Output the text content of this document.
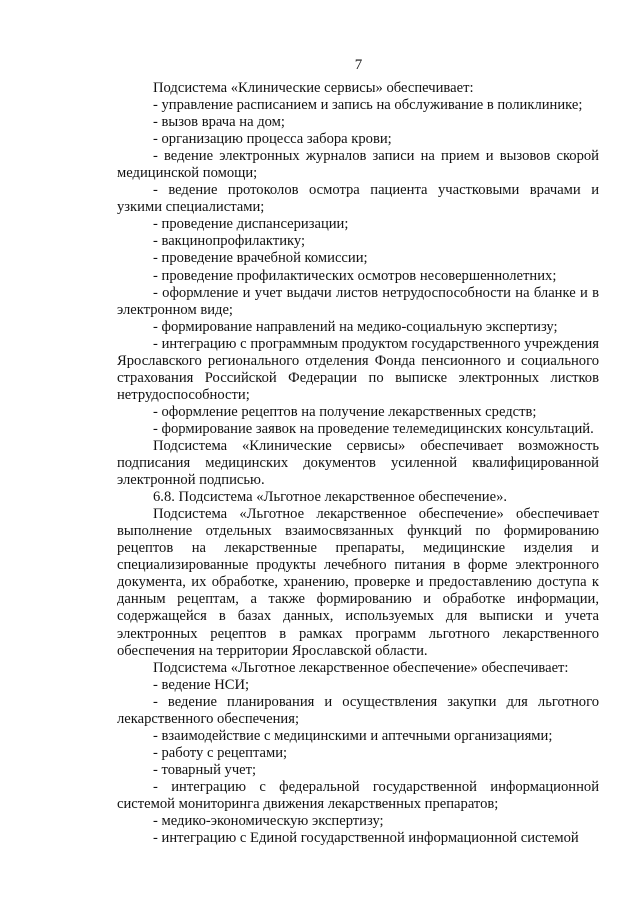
7

Подсистема «Клинические сервисы» обеспечивает:

- управление расписанием и запись на обслуживание в поликлинике;

- вызов врача на дом;

- организацию процесса забора крови;

- ведение электронных журналов записи на прием и вызовов скорой медицинской помощи;

- ведение протоколов осмотра пациента участковыми врачами и узкими специалистами;

- проведение диспансеризации;

- вакцинопрофилактику;

- проведение врачебной комиссии;

- проведение профилактических осмотров несовершеннолетних;

- оформление и учет выдачи листов нетрудоспособности на бланке и в электронном виде;

- формирование направлений на медико-социальную экспертизу;

- интеграцию с программным продуктом государственного учреждения Ярославского регионального отделения Фонда пенсионного и социального страхования Российской Федерации по выписке электронных листков нетрудоспособности;

- оформление рецептов на получение лекарственных средств;

- формирование заявок на проведение телемедицинских консультаций.

Подсистема «Клинические сервисы» обеспечивает возможность подписания медицинских документов усиленной квалифицированной электронной подписью.

6.8. Подсистема «Льготное лекарственное обеспечение».

Подсистема «Льготное лекарственное обеспечение» обеспечивает выполнение отдельных взаимосвязанных функций по формированию рецептов на лекарственные препараты, медицинские изделия и специализированные продукты лечебного питания в форме электронного документа, их обработке, хранению, проверке и предоставлению доступа к данным рецептам, а также формированию и обработке информации, содержащейся в базах данных, используемых для выписки и учета электронных рецептов в рамках программ льготного лекарственного обеспечения на территории Ярославской области.

Подсистема «Льготное лекарственное обеспечение» обеспечивает:

- ведение НСИ;

- ведение планирования и осуществления закупки для льготного лекарственного обеспечения;

- взаимодействие с медицинскими и аптечными организациями;

- работу с рецептами;

- товарный учет;

- интеграцию с федеральной государственной информационной системой мониторинга движения лекарственных препаратов;

- медико-экономическую экспертизу;

- интеграцию с Единой государственной информационной системой
